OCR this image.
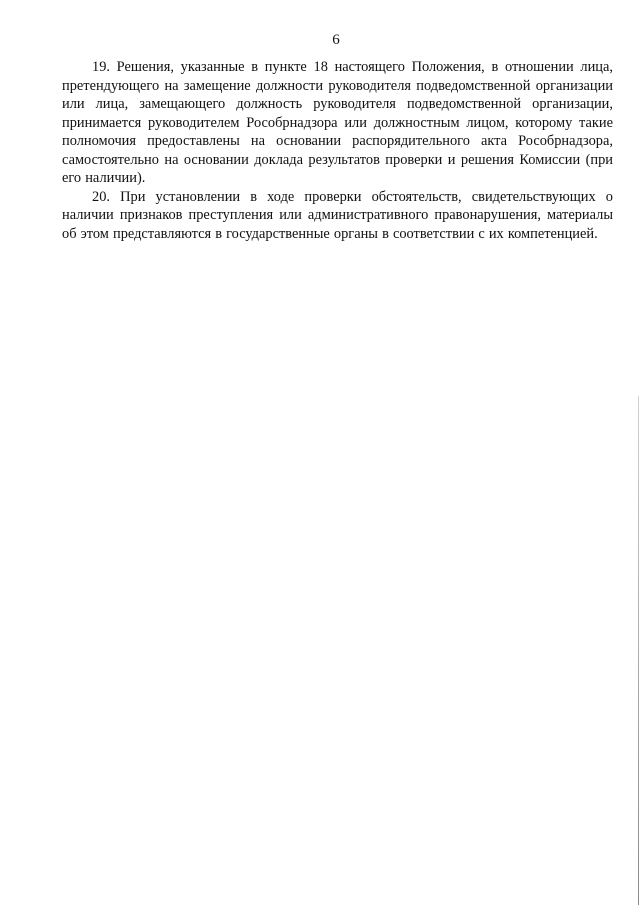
6

19. Решения, указанные в пункте 18 настоящего Положения, в отношении лица, претендующего на замещение должности руководителя подведомственной организации или лица, замещающего должность руководителя подведомственной организации, принимается руководителем Рособрнадзора или должностным лицом, которому такие полномочия предоставлены на основании распорядительного акта Рособрнадзора, самостоятельно на основании доклада результатов проверки и решения Комиссии (при его наличии).

20. При установлении в ходе проверки обстоятельств, свидетельствующих о наличии признаков преступления или административного правонарушения, материалы об этом представляются в государственные органы в соответствии с их компетенцией.
